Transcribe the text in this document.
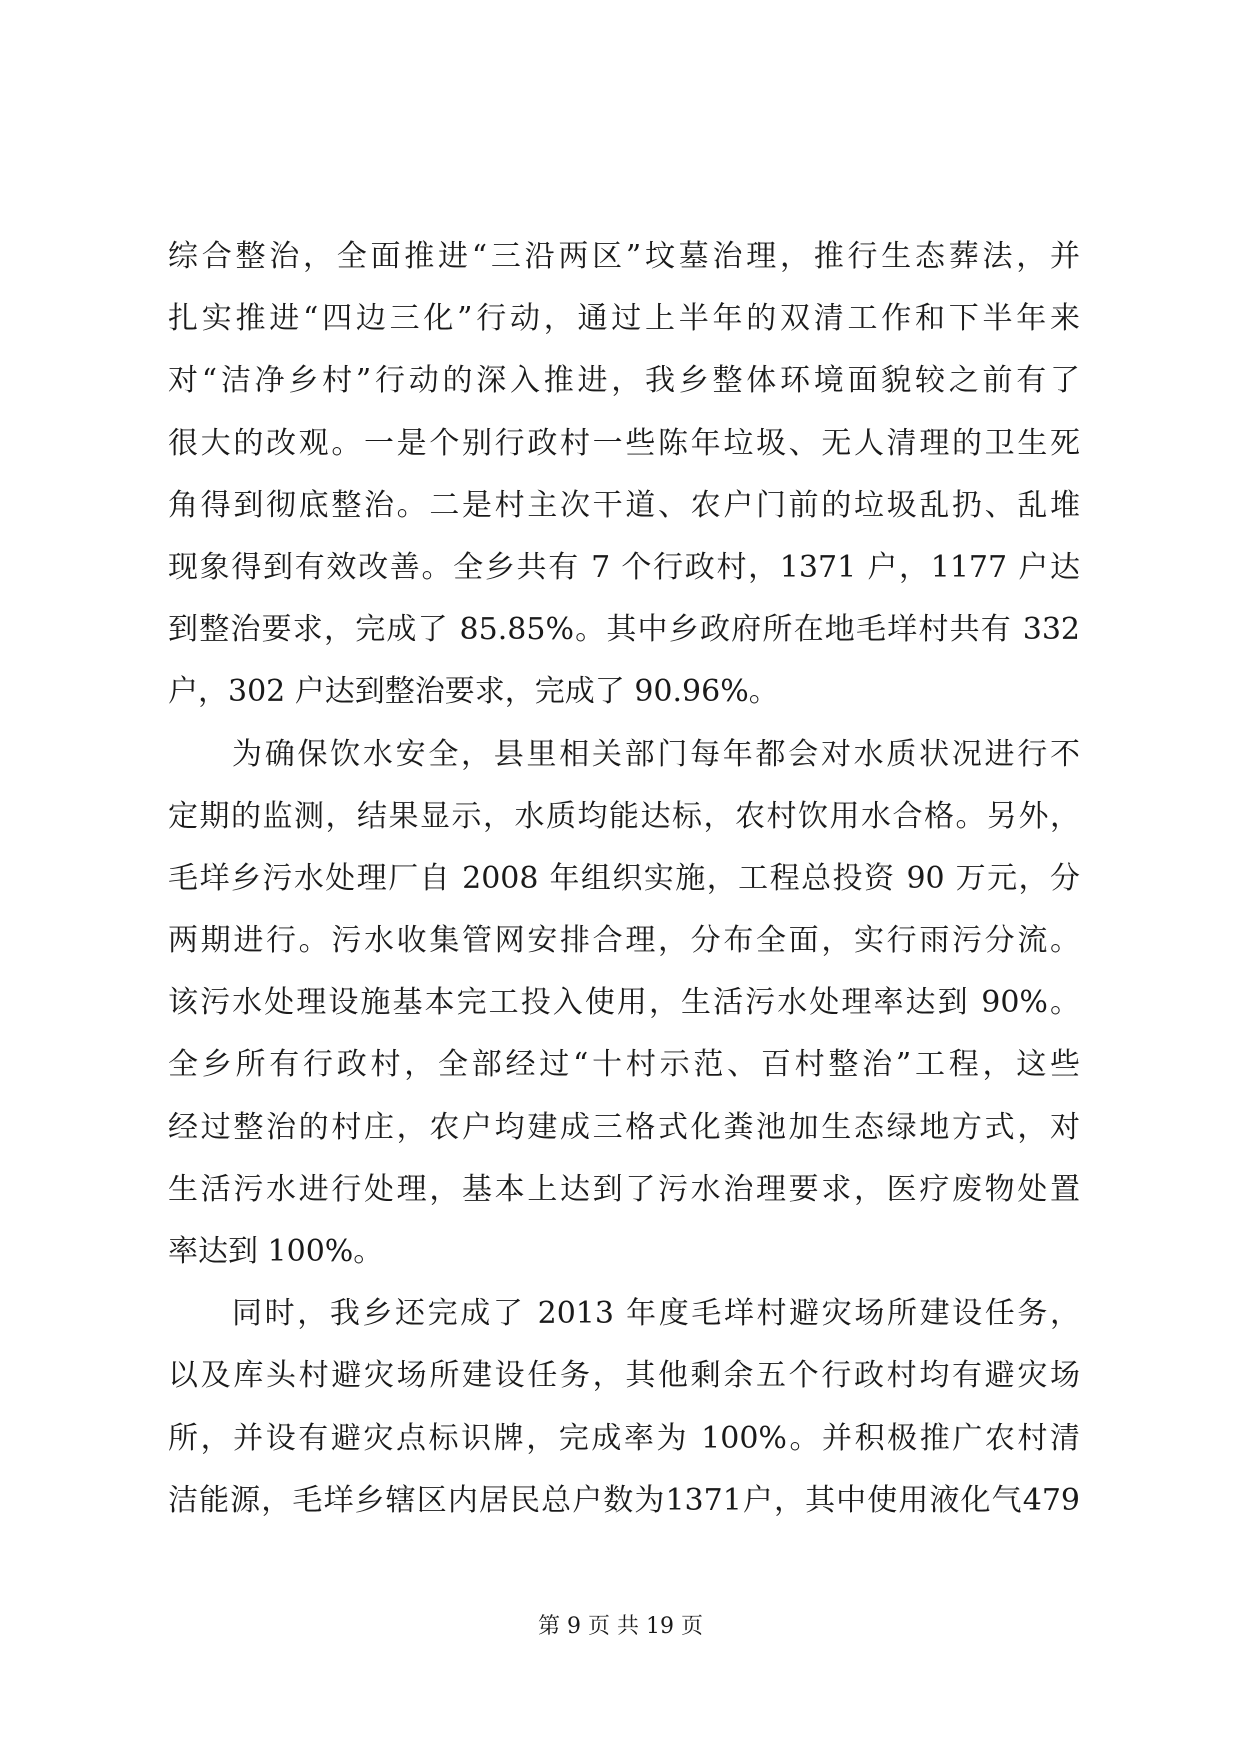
综合整治，全面推进“三沿两区”坟墓治理，推行生态葬法，并
扎实推进“四边三化”行动，通过上半年的双清工作和下半年来
对“洁净乡村”行动的深入推进，我乡整体环境面貌较之前有了
很大的改观。一是个别行政村一些陈年垃圾、无人清理的卫生死
角得到彻底整治。二是村主次干道、农户门前的垃圾乱扔、乱堆
现象得到有效改善。全乡共有 7 个行政村，1371 户，1177 户达
到整治要求，完成了 85.85%。其中乡政府所在地毛垟村共有 332
户，302 户达到整治要求，完成了 90.96%。
为确保饮水安全，县里相关部门每年都会对水质状况进行不
定期的监测，结果显示，水质均能达标，农村饮用水合格。另外，
毛垟乡污水处理厂自 2008 年组织实施，工程总投资 90 万元，分
两期进行。污水收集管网安排合理，分布全面，实行雨污分流。
该污水处理设施基本完工投入使用，生活污水处理率达到 90%。
全乡所有行政村，全部经过“十村示范、百村整治”工程，这些
经过整治的村庄，农户均建成三格式化粪池加生态绿地方式，对
生活污水进行处理，基本上达到了污水治理要求，医疗废物处置
率达到 100%。
同时，我乡还完成了 2013 年度毛垟村避灾场所建设任务，
以及库头村避灾场所建设任务，其他剩余五个行政村均有避灾场
所，并设有避灾点标识牌，完成率为 100%。并积极推广农村清
洁能源，毛垟乡辖区内居民总户数为1371户，其中使用液化气479
第 9 页 共 19 页
